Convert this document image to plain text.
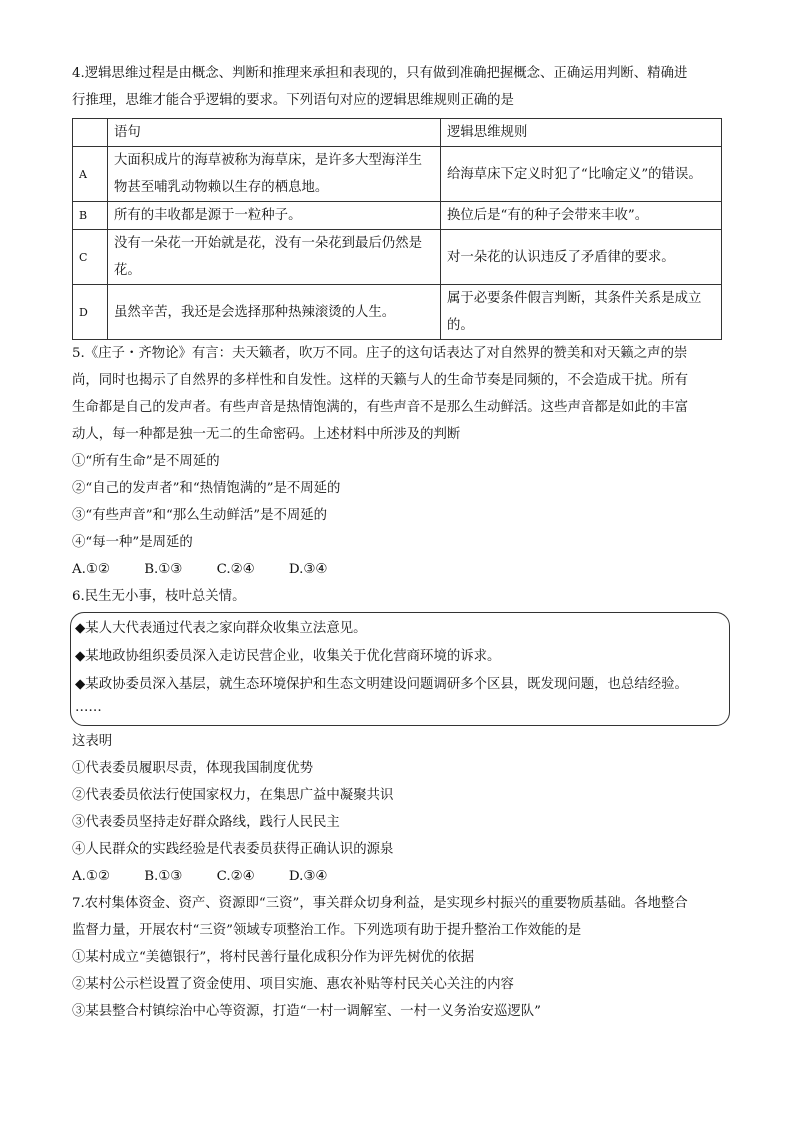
4.逻辑思维过程是由概念、判断和推理来承担和表现的，只有做到准确把握概念、正确运用判断、精确进
行推理，思维才能合乎逻辑的要求。下列语句对应的逻辑思维规则正确的是
	语句	逻辑思维规则
A	大面积成片的海草被称为海草床，是许多大型海洋生物甚至哺乳动物赖以生存的栖息地。	给海草床下定义时犯了“比喻定义”的错误。
B	所有的丰收都是源于一粒种子。	换位后是“有的种子会带来丰收”。
C	没有一朵花一开始就是花，没有一朵花到最后仍然是花。	对一朵花的认识违反了矛盾律的要求。
D	虽然辛苦，我还是会选择那种热辣滚烫的人生。	属于必要条件假言判断，其条件关系是成立的。
5.《庄子・齐物论》有言：夫天籁者，吹万不同。庄子的这句话表达了对自然界的赞美和对天籁之声的崇
尚，同时也揭示了自然界的多样性和自发性。这样的天籁与人的生命节奏是同频的，不会造成干扰。所有
生命都是自己的发声者。有些声音是热情饱满的，有些声音不是那么生动鲜活。这些声音都是如此的丰富
动人，每一种都是独一无二的生命密码。上述材料中所涉及的判断
①“所有生命”是不周延的
②“自己的发声者”和“热情饱满的”是不周延的
③“有些声音”和“那么生动鲜活”是不周延的
④“每一种”是周延的
A.①②	B.①③	C.②④	D.③④
6.民生无小事，枝叶总关情。
◆某人大代表通过代表之家向群众收集立法意见。
◆某地政协组织委员深入走访民营企业，收集关于优化营商环境的诉求。
◆某政协委员深入基层，就生态环境保护和生态文明建设问题调研多个区县，既发现问题，也总结经验。
……
这表明
①代表委员履职尽责，体现我国制度优势
②代表委员依法行使国家权力，在集思广益中凝聚共识
③代表委员坚持走好群众路线，践行人民民主
④人民群众的实践经验是代表委员获得正确认识的源泉
A.①②	B.①③	C.②④	D.③④
7.农村集体资金、资产、资源即“三资”，事关群众切身利益，是实现乡村振兴的重要物质基础。各地整合
监督力量，开展农村“三资”领域专项整治工作。下列选项有助于提升整治工作效能的是
①某村成立“美德银行”，将村民善行量化成积分作为评先树优的依据
②某村公示栏设置了资金使用、项目实施、惠农补贴等村民关心关注的内容
③某县整合村镇综治中心等资源，打造“一村一调解室、一村一义务治安巡逻队”
